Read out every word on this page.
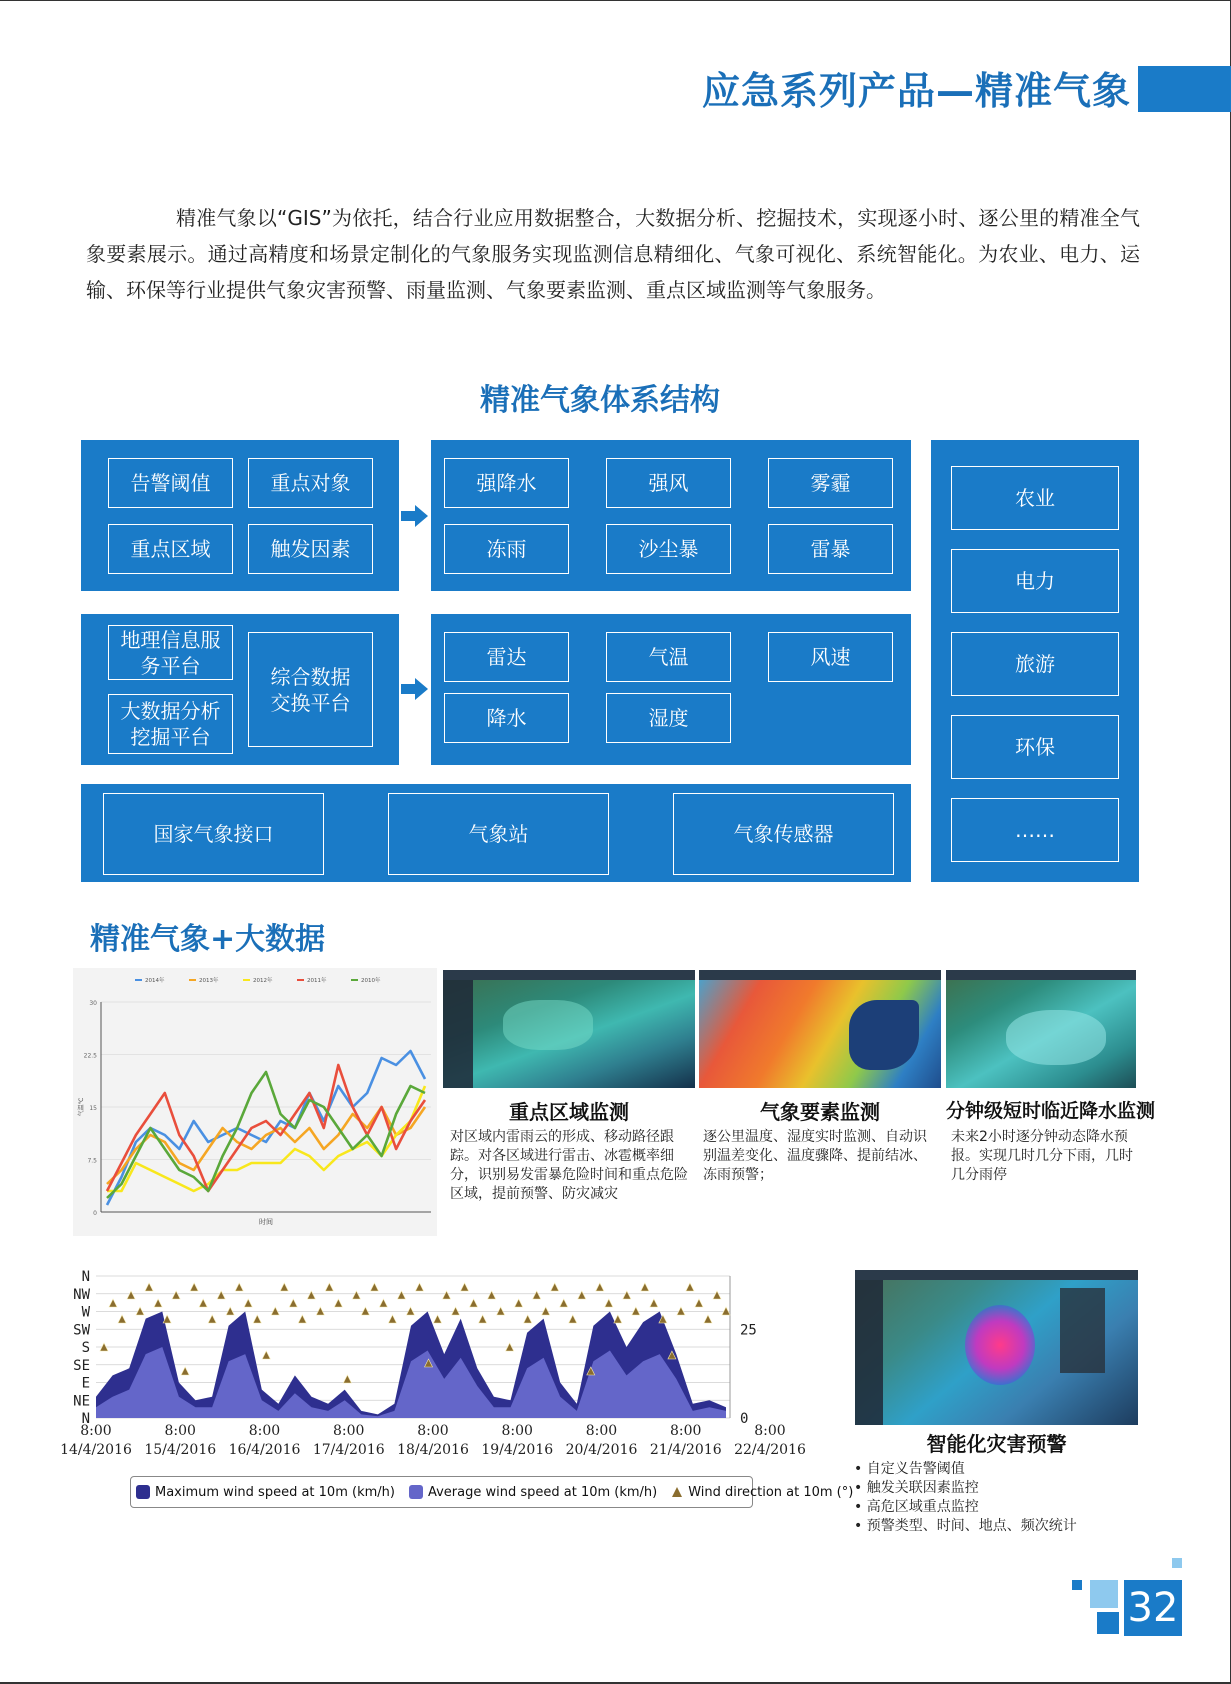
应急系列产品—精准气象
精准气象以“GIS”为依托，结合行业应用数据整合，大数据分析、挖掘技术，实现逐小时、逐公里的精准全气象要素展示。通过高精度和场景定制化的气象服务实现监测信息精细化、气象可视化、系统智能化。为农业、电力、运输、环保等行业提供气象灾害预警、雨量监测、气象要素监测、重点区域监测等气象服务。
精准气象体系结构
告警阈值	重点对象
重点区域	触发因素
强降水	强风	雾霾
冻雨	沙尘暴	雷暴
地理信息服务平台
大数据分析挖掘平台
综合数据交换平台
雷达	气温	风速
降水	湿度
国家气象接口	气象站	气象传感器
农业
电力
旅游
环保
……
精准气象+大数据
0
7.5
15
22.5
30
时间
气温℃
2014年	2013年	2012年	2011年	2010年
重点区域监测
对区域内雷雨云的形成、移动路径跟踪。对各区域进行雷击、冰雹概率细分，识别易发雷暴危险时间和重点危险区域，提前预警、防灾减灾
气象要素监测
逐公里温度、湿度实时监测、自动识别温差变化、温度骤降、提前结冰、冻雨预警；
分钟级短时临近降水监测
未来2小时逐分钟动态降水预报。实现几时几分下雨，几时几分雨停
N
NW
W
SW
S
SE
E
NE
N	0
25
8:00
14/4/2016
8:00
15/4/2016
8:00
16/4/2016
8:00
17/4/2016
8:00
18/4/2016
8:00
19/4/2016
8:00
20/4/2016
8:00
21/4/2016
8:00
22/4/2016
Maximum wind speed at 10m (km/h)	Average wind speed at 10m (km/h) Wind direction at 10m (°)
智能化灾害预警
• 自定义告警阈值
• 触发关联因素监控
• 高危区域重点监控
• 预警类型、时间、地点、频次统计
32
